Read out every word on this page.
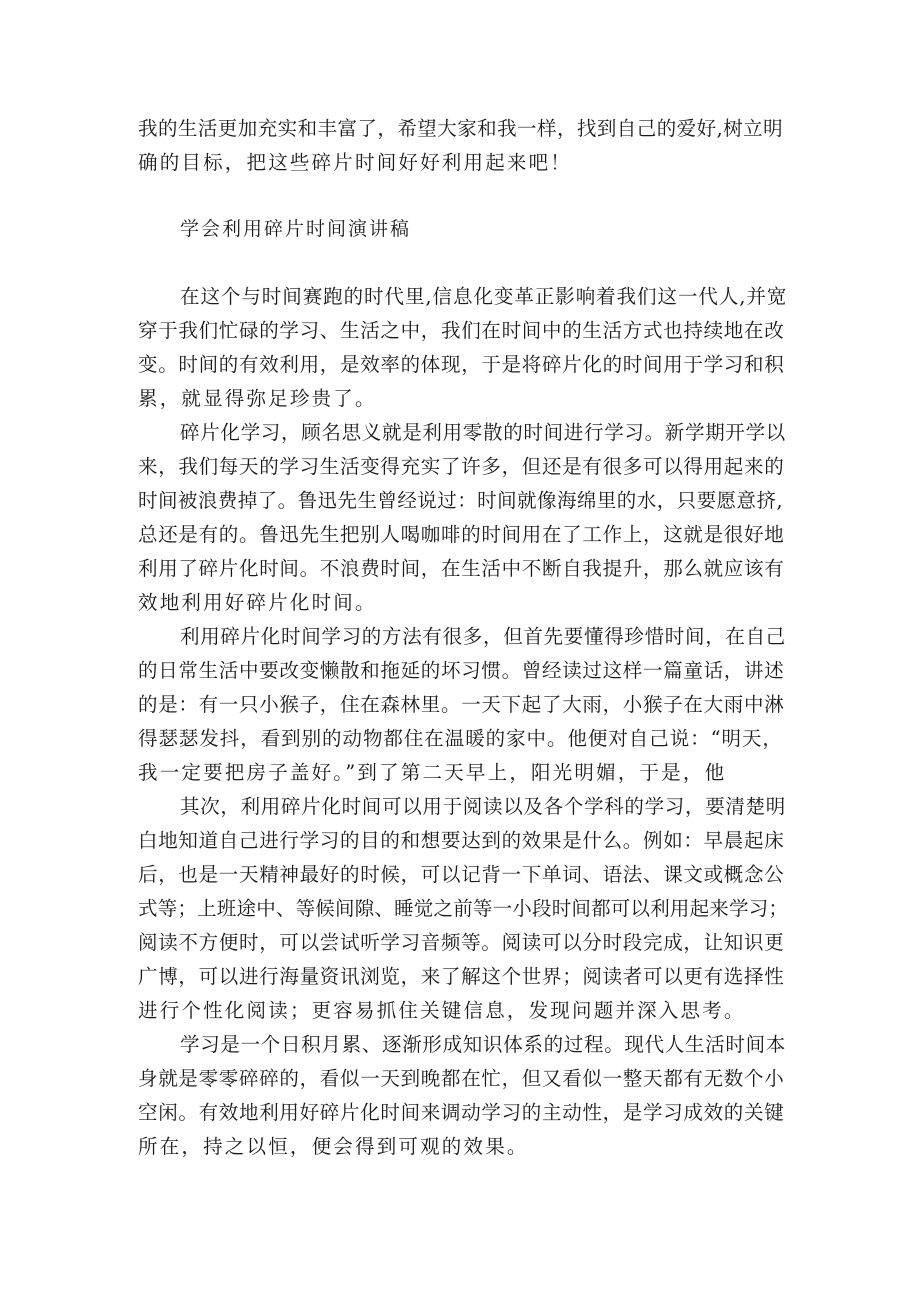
我的生活更加充实和丰富了，希望大家和我一样，找到自己的爱好,树立明
确的目标，把这些碎片时间好好利用起来吧！
学会利用碎片时间演讲稿
在这个与时间赛跑的时代里,信息化变革正影响着我们这一代人,并宽
穿于我们忙碌的学习、生活之中，我们在时间中的生活方式也持续地在改
变。时间的有效利用，是效率的体现，于是将碎片化的时间用于学习和积
累，就显得弥足珍贵了。
碎片化学习，顾名思义就是利用零散的时间进行学习。新学期开学以
来，我们每天的学习生活变得充实了许多，但还是有很多可以得用起来的
时间被浪费掉了。鲁迅先生曾经说过：时间就像海绵里的水，只要愿意挤,
总还是有的。鲁迅先生把别人喝咖啡的时间用在了工作上，这就是很好地
利用了碎片化时间。不浪费时间，在生活中不断自我提升，那么就应该有
效地利用好碎片化时间。
利用碎片化时间学习的方法有很多，但首先要懂得珍惜时间，在自己
的日常生活中要改变懒散和拖延的坏习惯。曾经读过这样一篇童话，讲述
的是：有一只小猴子，住在森林里。一天下起了大雨，小猴子在大雨中淋
得瑟瑟发抖，看到别的动物都住在温暖的家中。他便对自己说：“明天，
我一定要把房子盖好。”到了第二天早上，阳光明媚，于是，他
其次，利用碎片化时间可以用于阅读以及各个学科的学习，要清楚明
白地知道自己进行学习的目的和想要达到的效果是什么。例如：早晨起床
后，也是一天精神最好的时候，可以记背一下单词、语法、课文或概念公
式等；上班途中、等候间隙、睡觉之前等一小段时间都可以利用起来学习；
阅读不方便时，可以尝试听学习音频等。阅读可以分时段完成，让知识更
广博，可以进行海量资讯浏览，来了解这个世界；阅读者可以更有选择性
进行个性化阅读；更容易抓住关键信息，发现问题并深入思考。
学习是一个日积月累、逐渐形成知识体系的过程。现代人生活时间本
身就是零零碎碎的，看似一天到晚都在忙，但又看似一整天都有无数个小
空闲。有效地利用好碎片化时间来调动学习的主动性，是学习成效的关键
所在，持之以恒，便会得到可观的效果。
